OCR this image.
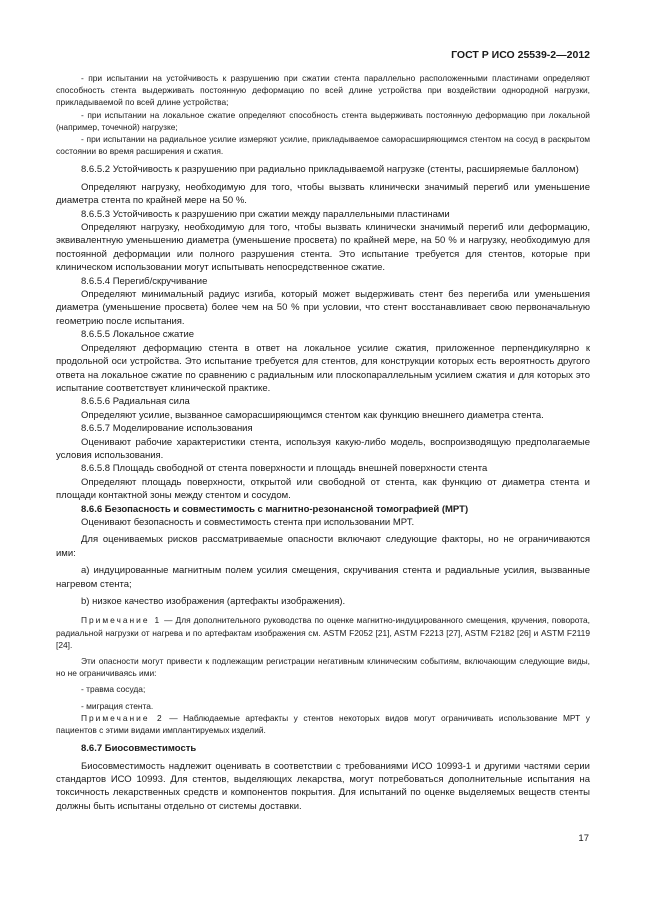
ГОСТ Р ИСО 25539-2—2012

- при испытании на устойчивость к разрушению при сжатии стента параллельно расположенными пластинами определяют способность стента выдерживать постоянную деформацию по всей длине устройства при воздействии однородной нагрузки, прикладываемой по всей длине устройства;

- при испытании на локальное сжатие определяют способность стента выдерживать постоянную деформацию при локальной (например, точечной) нагрузке;

- при испытании на радиальное усилие измеряют усилие, прикладываемое саморасширяющимся стентом на сосуд в раскрытом состоянии во время расширения и сжатия.

8.6.5.2 Устойчивость к разрушению при радиально прикладываемой нагрузке (стенты, расширяемые баллоном)

Определяют нагрузку, необходимую для того, чтобы вызвать клинически значимый перегиб или уменьшение диаметра стента по крайней мере на 50 %.

8.6.5.3 Устойчивость к разрушению при сжатии между параллельными пластинами

Определяют нагрузку, необходимую для того, чтобы вызвать клинически значимый перегиб или деформацию, эквивалентную уменьшению диаметра (уменьшение просвета) по крайней мере, на 50 % и нагрузку, необходимую для постоянной деформации или полного разрушения стента. Это испытание требуется для стентов, которые при клиническом использовании могут испытывать непосредственное сжатие.

8.6.5.4 Перегиб/скручивание

Определяют минимальный радиус изгиба, который может выдерживать стент без перегиба или уменьшения диаметра (уменьшение просвета) более чем на 50 % при условии, что стент восстанавливает свою первоначальную геометрию после испытания.

8.6.5.5 Локальное сжатие

Определяют деформацию стента в ответ на локальное усилие сжатия, приложенное перпендикулярно к продольной оси устройства. Это испытание требуется для стентов, для конструкции которых есть вероятность другого ответа на локальное сжатие по сравнению с радиальным или плоскопараллельным усилием сжатия и для которых это испытание соответствует клинической практике.

8.6.5.6 Радиальная сила

Определяют усилие, вызванное саморасширяющимся стентом как функцию внешнего диаметра стента.

8.6.5.7 Моделирование использования

Оценивают рабочие характеристики стента, используя какую-либо модель, воспроизводящую предполагаемые условия использования.

8.6.5.8 Площадь свободной от стента поверхности и площадь внешней поверхности стента

Определяют площадь поверхности, открытой или свободной от стента, как функцию от диаметра стента и площади контактной зоны между стентом и сосудом.

8.6.6 Безопасность и совместимость с магнитно-резонансной томографией (МРТ)

Оценивают безопасность и совместимость стента при использовании МРТ.

Для оцениваемых рисков рассматриваемые опасности включают следующие факторы, но не ограничиваются ими:

a) индуцированные магнитным полем усилия смещения, скручивания стента и радиальные усилия, вызванные нагревом стента;

b) низкое качество изображения (артефакты изображения).

Примечание 1 — Для дополнительного руководства по оценке магнитно-индуцированного смещения, кручения, поворота, радиальной нагрузки от нагрева и по артефактам изображения см. ASTM F2052 [21], ASTM F2213 [27], ASTM F2182 [26] и ASTM F2119 [24].

Эти опасности могут привести к подлежащим регистрации негативным клиническим событиям, включающим следующие виды, но не ограничиваясь ими:

- травма сосуда;

- миграция стента.

Примечание 2 — Наблюдаемые артефакты у стентов некоторых видов могут ограничивать использование МРТ у пациентов с этими видами имплантируемых изделий.

8.6.7 Биосовместимость

Биосовместимость надлежит оценивать в соответствии с требованиями ИСО 10993-1 и другими частями серии стандартов ИСО 10993. Для стентов, выделяющих лекарства, могут потребоваться дополнительные испытания на токсичность лекарственных средств и компонентов покрытия. Для испытаний по оценке выделяемых веществ стенты должны быть испытаны отдельно от системы доставки.

17
